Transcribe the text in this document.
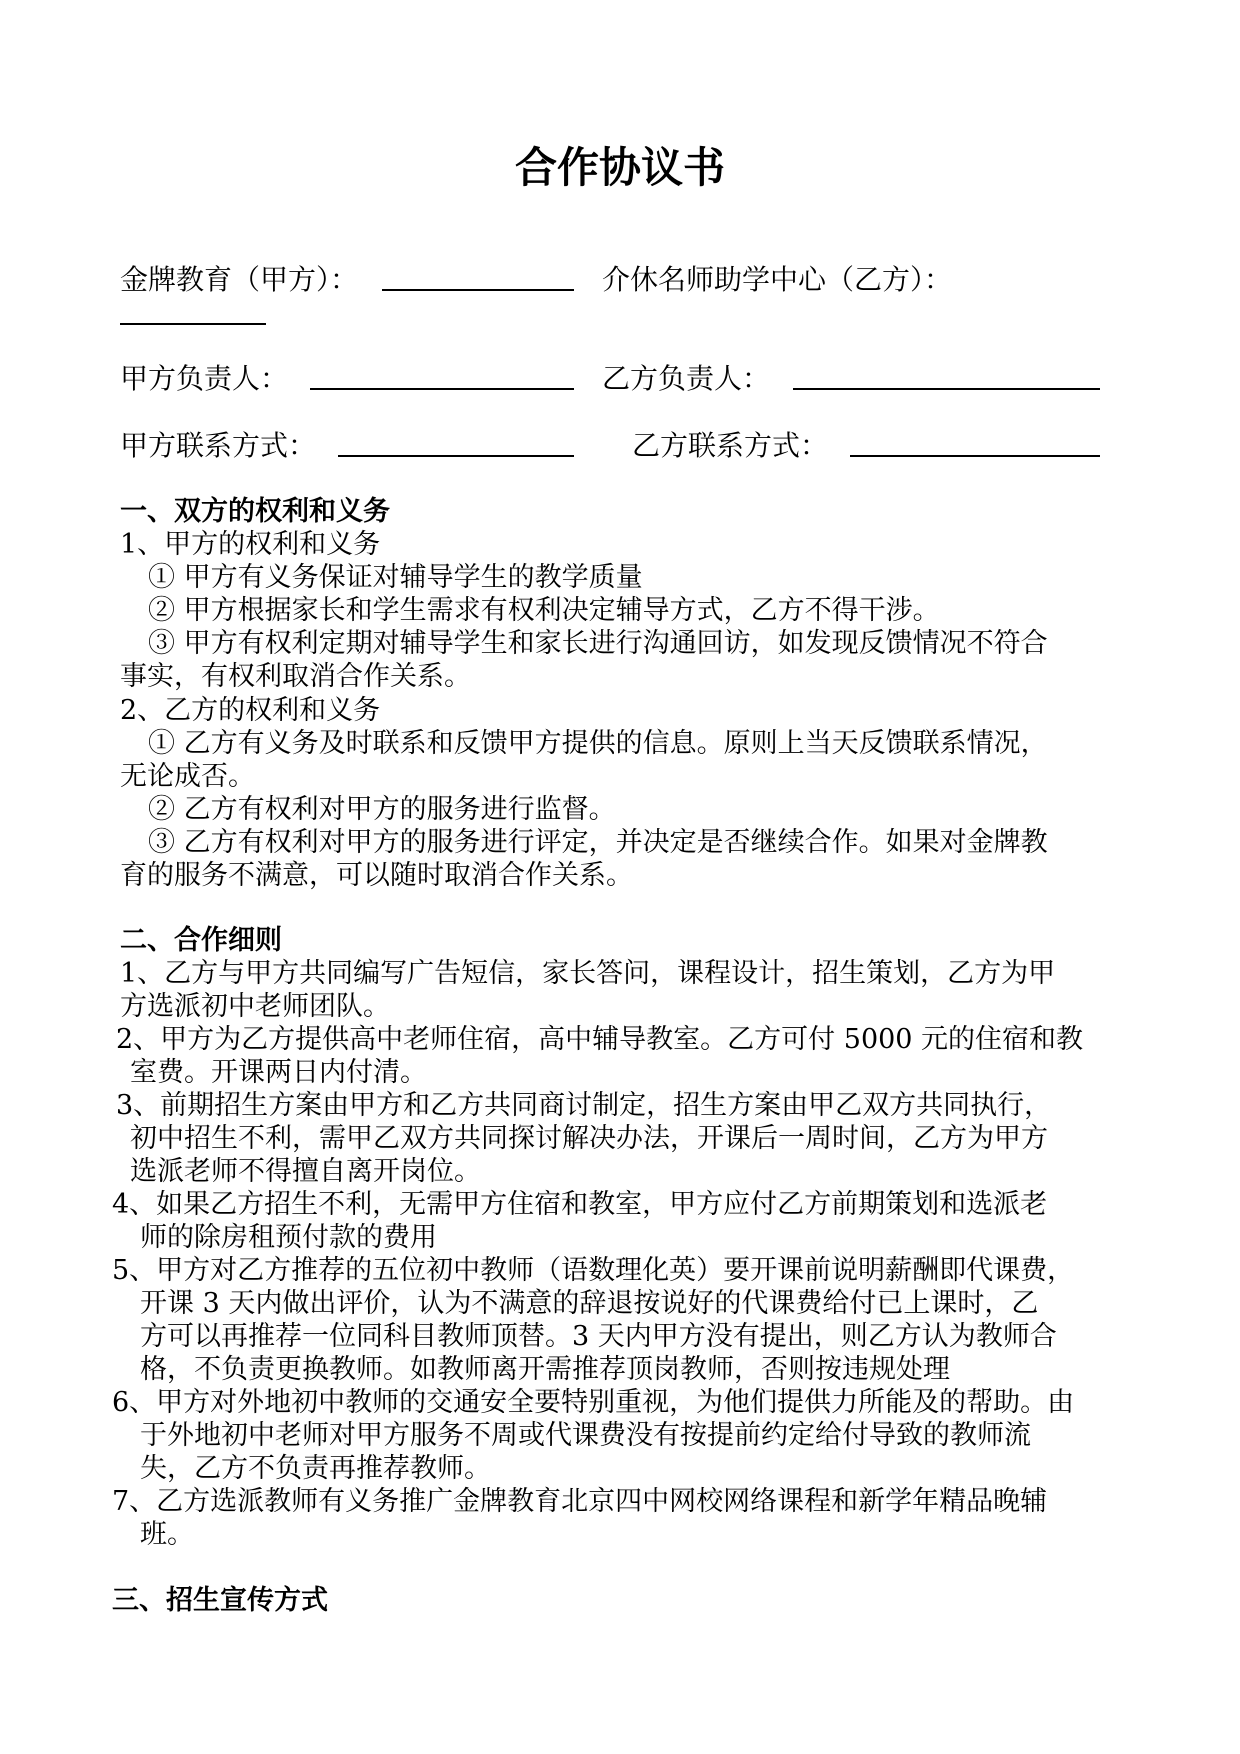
合作协议书
金牌教育（甲方）：	介休名师助学中心（乙方）：
甲方负责人：	乙方负责人：
甲方联系方式：	乙方联系方式：
一、双方的权利和义务
1、甲方的权利和义务
① 甲方有义务保证对辅导学生的教学质量
② 甲方根据家长和学生需求有权利决定辅导方式，乙方不得干涉。
③ 甲方有权利定期对辅导学生和家长进行沟通回访，如发现反馈情况不符合
事实，有权利取消合作关系。
2、乙方的权利和义务
① 乙方有义务及时联系和反馈甲方提供的信息。原则上当天反馈联系情况，
无论成否。
② 乙方有权利对甲方的服务进行监督。
③ 乙方有权利对甲方的服务进行评定，并决定是否继续合作。如果对金牌教
育的服务不满意，可以随时取消合作关系。
二、合作细则
1、乙方与甲方共同编写广告短信，家长答问，课程设计，招生策划，乙方为甲
方选派初中老师团队。
2、甲方为乙方提供高中老师住宿，高中辅导教室。乙方可付 5000 元的住宿和教
室费。开课两日内付清。
3、前期招生方案由甲方和乙方共同商讨制定，招生方案由甲乙双方共同执行，
初中招生不利，需甲乙双方共同探讨解决办法，开课后一周时间，乙方为甲方
选派老师不得擅自离开岗位。
4、如果乙方招生不利，无需甲方住宿和教室，甲方应付乙方前期策划和选派老
师的除房租预付款的费用
5、甲方对乙方推荐的五位初中教师（语数理化英）要开课前说明薪酬即代课费，
开课 3 天内做出评价，认为不满意的辞退按说好的代课费给付已上课时，乙
方可以再推荐一位同科目教师顶替。3 天内甲方没有提出，则乙方认为教师合
格，不负责更换教师。如教师离开需推荐顶岗教师，否则按违规处理
6、甲方对外地初中教师的交通安全要特别重视，为他们提供力所能及的帮助。由
于外地初中老师对甲方服务不周或代课费没有按提前约定给付导致的教师流
失，乙方不负责再推荐教师。
7、乙方选派教师有义务推广金牌教育北京四中网校网络课程和新学年精品晚辅
班。
三、招生宣传方式
